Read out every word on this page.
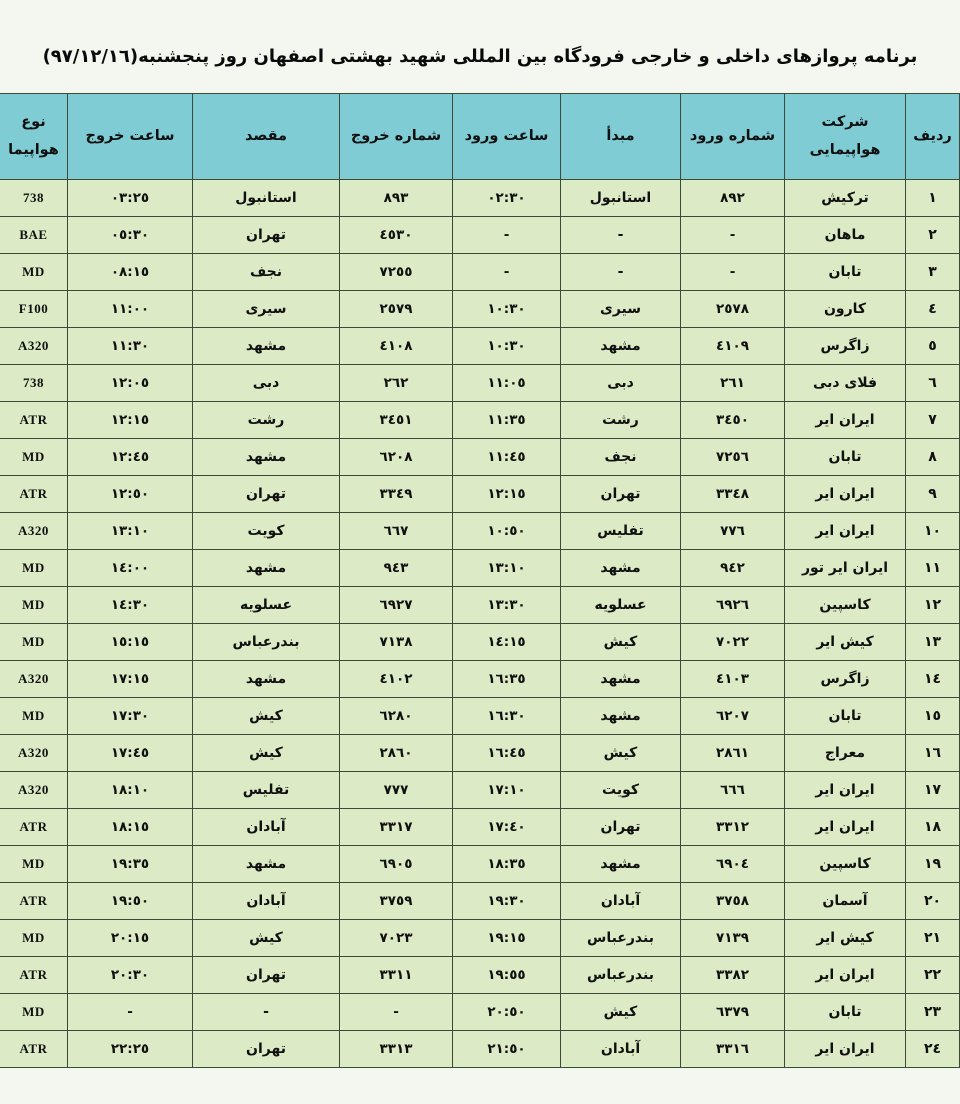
برنامه پروازهای داخلی و خارجی فرودگاه بین المللی شهید بهشتی اصفهان روز پنجشنبه(٩٧/١٢/١٦)
ردیف	شرکت هواپیمایی	شماره ورود	مبدأ	ساعت ورود	شماره خروج	مقصد	ساعت خروج	نوع هواپیما
١	ترکیش	٨٩٢	استانبول	٠٢:٣٠	٨٩٣	استانبول	٠٣:٢٥	738
٢	ماهان	-	-	-	٤٥٣٠	تهران	٠٥:٣٠	BAE
٣	تابان	-	-	-	٧٢٥٥	نجف	٠٨:١٥	MD
٤	کارون	٢٥٧٨	سیری	١٠:٣٠	٢٥٧٩	سیری	١١:٠٠	F100
٥	زاگرس	٤١٠٩	مشهد	١٠:٣٠	٤١٠٨	مشهد	١١:٣٠	A320
٦	فلای دبی	٢٦١	دبی	١١:٠٥	٢٦٢	دبی	١٢:٠٥	738
٧	ایران ایر	٣٤٥٠	رشت	١١:٣٥	٣٤٥١	رشت	١٢:١٥	ATR
٨	تابان	٧٢٥٦	نجف	١١:٤٥	٦٢٠٨	مشهد	١٢:٤٥	MD
٩	ایران ایر	٣٣٤٨	تهران	١٢:١٥	٣٣٤٩	تهران	١٢:٥٠	ATR
١٠	ایران ایر	٧٧٦	تفلیس	١٠:٥٠	٦٦٧	کویت	١٣:١٠	A320
١١	ایران ایر تور	٩٤٢	مشهد	١٣:١٠	٩٤٣	مشهد	١٤:٠٠	MD
١٢	کاسپین	٦٩٢٦	عسلویه	١٣:٣٠	٦٩٢٧	عسلویه	١٤:٣٠	MD
١٣	کیش ایر	٧٠٢٢	کیش	١٤:١٥	٧١٣٨	بندرعباس	١٥:١٥	MD
١٤	زاگرس	٤١٠٣	مشهد	١٦:٣٥	٤١٠٢	مشهد	١٧:١٥	A320
١٥	تابان	٦٢٠٧	مشهد	١٦:٣٠	٦٢٨٠	کیش	١٧:٣٠	MD
١٦	معراج	٢٨٦١	کیش	١٦:٤٥	٢٨٦٠	کیش	١٧:٤٥	A320
١٧	ایران ایر	٦٦٦	کویت	١٧:١٠	٧٧٧	تفلیس	١٨:١٠	A320
١٨	ایران ایر	٣٣١٢	تهران	١٧:٤٠	٣٣١٧	آبادان	١٨:١٥	ATR
١٩	کاسپین	٦٩٠٤	مشهد	١٨:٣٥	٦٩٠٥	مشهد	١٩:٣٥	MD
٢٠	آسمان	٣٧٥٨	آبادان	١٩:٣٠	٣٧٥٩	آبادان	١٩:٥٠	ATR
٢١	کیش ایر	٧١٣٩	بندرعباس	١٩:١٥	٧٠٢٣	کیش	٢٠:١٥	MD
٢٢	ایران ایر	٣٣٨٢	بندرعباس	١٩:٥٥	٣٣١١	تهران	٢٠:٣٠	ATR
٢٣	تابان	٦٣٧٩	کیش	٢٠:٥٠	-	-	-	MD
٢٤	ایران ایر	٣٣١٦	آبادان	٢١:٥٠	٣٣١٣	تهران	٢٢:٢٥	ATR
